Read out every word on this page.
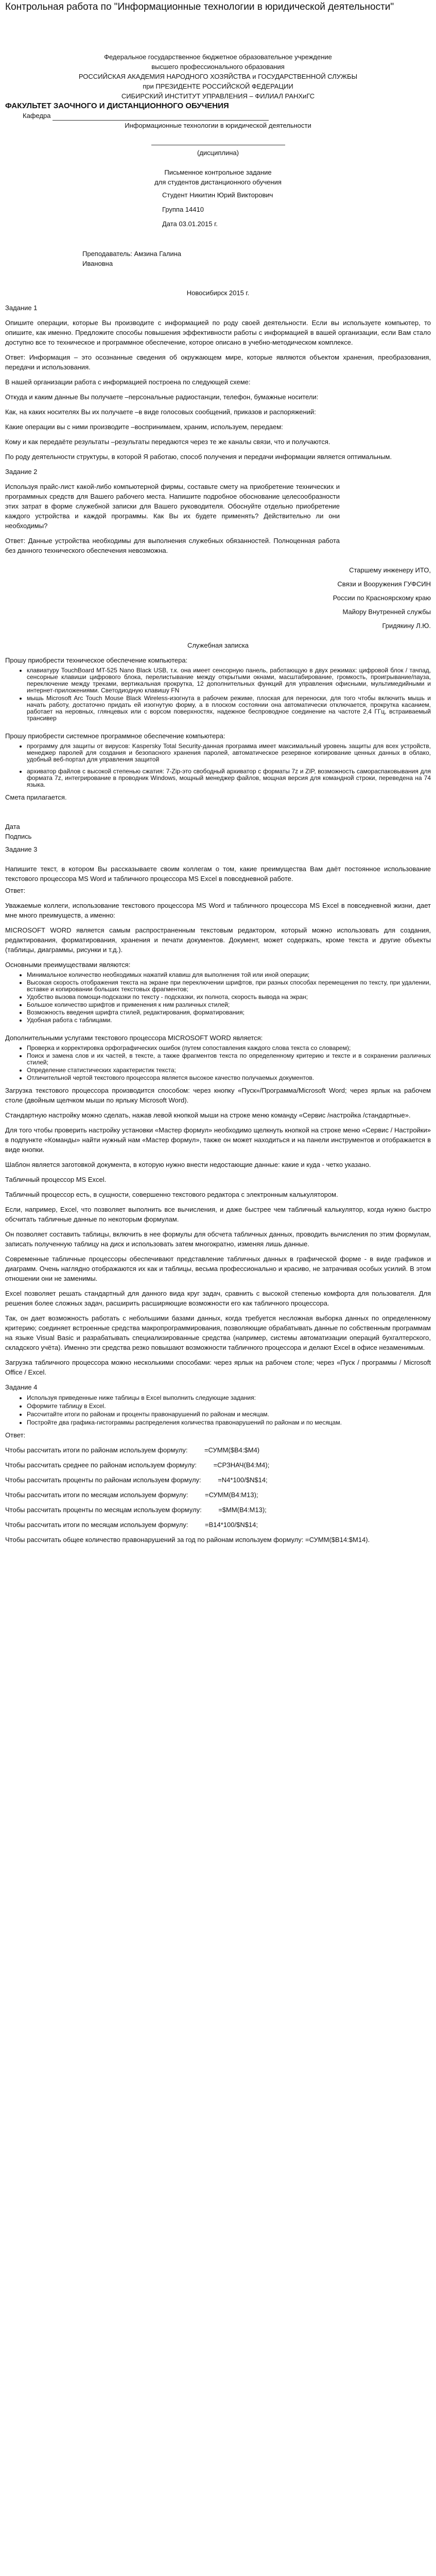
Контрольная работа по "Информационные технологии в юридической деятельности"

Федеральное государственное бюджетное образовательное учреждение

высшего профессионального образования

РОССИЙСКАЯ АКАДЕМИЯ НАРОДНОГО ХОЗЯЙСТВА и ГОСУДАРСТВЕННОЙ СЛУЖБЫ

при ПРЕЗИДЕНТЕ РОССИЙСКОЙ ФЕДЕРАЦИИ

СИБИРСКИЙ ИНСТИТУТ УПРАВЛЕНИЯ – ФИЛИАЛ РАНХиГС

ФАКУЛЬТЕТ ЗАОЧНОГО И ДИСТАНЦИОННОГО ОБУЧЕНИЯ

Кафедра

Информационные технологии в юридической деятельности

(дисциплина)

Письменное контрольное задание

для студентов дистанционного обучения

Студент Никитин Юрий Викторович

Группа 14410

Дата 03.01.2015 г.

Преподаватель: Амзина Галина

Ивановна

Новосибирск 2015 г.

Задание 1

Опишите операции, которые Вы производите с информацией по роду своей деятельности. Если вы используете компьютер, то опишите, как именно. Предложите способы повышения эффективности работы с информацией в вашей организации, если Вам стало доступно все то техническое и программное обеспечение, которое описано в учебно-методическом комплексе.

Ответ: Информация – это осознанные сведения об окружающем мире, которые являются объектом хранения, преобразования, передачи и использования.

В нашей организации работа с информацией построена по следующей схеме:

Откуда и каким данные Вы получаете –персональные радиостанции, телефон, бумажные носители:

Как, на каких носителях Вы их получаете –в виде голосовых сообщений, приказов и распоряжений:

Какие операции вы с ними производите –воспринимаем, храним, используем, передаем:

Кому и как передаёте результаты –результаты передаются через те же каналы связи, что и получаются.

По роду деятельности структуры, в которой Я работаю, способ получения и передачи информации является оптимальным.

Задание 2

Используя прайс-лист какой-либо компьютерной фирмы, составьте смету на приобретение технических и программных средств для Вашего рабочего места. Напишите подробное обоснование целесообразности этих затрат в форме служебной записки для Вашего руководителя. Обоснуйте отдельно приобретение каждого устройства и каждой программы. Как Вы их будете применять? Действительно ли они необходимы?

Ответ: Данные устройства необходимы для выполнения служебных обязанностей. Полноценная работа без данного технического обеспечения невозможна.

Старшему инженеру ИТО,

Связи и Вооружения ГУФСИН

России по Красноярскому краю

Майору Внутренней службы

Гридякину Л.Ю.

Служебная записка

Прошу приобрести техническое обеспечение компьютера:

• клавиатуру TouchBoard MT-525 Nano Black USB, т.к. она имеет сенсорную панель, работающую в двух режимах: цифровой блок / тачпад, сенсорные клавиши цифрового блока, перелистывание между открытыми окнами, масштабирование, громкость, проигрывание/пауза, переключение между треками, вертикальная прокрутка, 12 дополнительных функций для управления офисными, мультимедийными и интернет-приложениями. Светодиодную клавишу FN
• мышь Microsoft Arc Touch Mouse Black Wireless-изогнута в рабочем режиме, плоская для переноски, для того чтобы включить мышь и начать работу, достаточно придать ей изогнутую форму, а в плоском состоянии она автоматически отключается, прокрутка касанием, работает на неровных, глянцевых или с ворсом поверхностях, надежное беспроводное соединение на частоте 2,4 ГГц, встраиваемый трансивер

Прошу приобрести системное программное обеспечение компьютера:

• программу для защиты от вирусов: Kaspersky Total Security-данная программа имеет максимальный уровень защиты для всех устройств, менеджер паролей для создания и безопасного хранения паролей, автоматическое резервное копирование ценных данных в облако, удобный веб-портал для управления защитой
• архиватор файлов с высокой степенью сжатия: 7-Zip-это свободный архиватор с форматы 7z и ZIP, возможность самораспаковывания для формата 7z, интегрирование в проводник Windows, мощный менеджер файлов, мощная версия для командной строки, переведена на 74 языка.

Смета прилагается.

Дата

Подпись

Задание 3

Напишите текст, в котором Вы рассказываете своим коллегам о том, какие преимущества Вам даёт постоянное использование текстового процессора MS Word и табличного процессора MS Excel в повседневной работе.

Ответ:

Уважаемые коллеги, использование текстового процессора MS Word и табличного процессора MS Excel в повседневной жизни, дает мне много преимуществ, а именно:

MICROSOFT WORD является самым распространенным текстовым редактором, который можно использовать для создания, редактирования, форматирования, хранения и печати документов. Документ, может содержать, кроме текста и другие объекты (таблицы, диаграммы, рисунки и т.д.).

Основными преимуществами являются:

• Минимальное количество необходимых нажатий клавиш для выполнения той или иной операции;
• Высокая скорость отображения текста на экране при переключении шрифтов, при разных способах перемещения по тексту, при удалении, вставке и копировании больших текстовых фрагментов;
• Удобство вызова помощи-подсказки по тексту - подсказки, их полнота, скорость вывода на экран;
• Большое количество шрифтов и применения к ним различных стилей;
• Возможность введения шрифта стилей, редактирования, форматирования;
• Удобная работа с таблицами.

Дополнительными услугами текстового процессора MICROSOFT WORD является:

• Проверка и корректировка орфографических ошибок (путем сопоставления каждого слова текста со словарем);
• Поиск и замена слов и их частей, в тексте, а также фрагментов текста по определенному критерию и тексте и в сохранении различных стилей;
• Определение статистических характеристик текста;
• Отличительной чертой текстового процессора является высокое качество получаемых документов.

Загрузка текстового процессора производится способом: через кнопку «Пуск»/Программа/Microsoft Word; через ярлык на рабочем столе (двойным щелчком мыши по ярлыку Microsoft Word).

Стандартную настройку можно сделать, нажав левой кнопкой мыши на строке меню команду «Сервис /настройка /стандартные».

Для того чтобы проверить настройку установки «Мастер формул» необходимо щелкнуть кнопкой на строке меню «Сервис / Настройки» в подпункте «Команды» найти нужный нам «Мастер формул», также он может находиться и на панели инструментов и отображается в виде кнопки.

Шаблон является заготовкой документа, в которую нужно внести недостающие данные: какие и куда - четко указано.

Табличный процессор MS Excel.

Табличный процессор есть, в сущности, совершенно текстового редактора с электронным калькулятором.

Если, например, Excel, что позволяет выполнить все вычисления, и даже быстрее чем табличный калькулятор, когда нужно быстро обсчитать табличные данные по некоторым формулам.

Он позволяет составить таблицы, включить в нее формулы для обсчета табличных данных, проводить вычисления по этим формулам, записать полученную таблицу на диск и использовать затем многократно, изменяя лишь данные.

Современные табличные процессоры обеспечивают представление табличных данных в графической форме - в виде графиков и диаграмм. Очень наглядно отображаются их как и таблицы, весьма профессионально и красиво, не затрачивая особых усилий. В этом отношении они не заменимы.

Excel позволяет решать стандартный для данного вида круг задач, сравнить с высокой степенью комфорта для пользователя. Для решения более сложных задач, расширить расширяющие возможности его как табличного процессора.

Так, он дает возможность работать с небольшими базами данных, когда требуется несложная выборка данных по определенному критерию; соединяет встроенные средства макропрограммирования, позволяющие обрабатывать данные по собственным программам на языке Visual Basic и разрабатывать специализированные средства (например, системы автоматизации операций бухгалтерского, складского учёта). Именно эти средства резко повышают возможности табличного процессора и делают Excel в офисе незаменимым.

Загрузка табличного процессора можно несколькими способами: через ярлык на рабочем столе; через «Пуск / программы / Microsoft Office / Excel.

Задание 4

• Используя приведенные ниже таблицы в Excel выполнить следующие задания:
• Оформите таблицу в Excel.
• Рассчитайте итоги по районам и проценты правонарушений по районам и месяцам.
• Постройте два графика-гистограммы распределения количества правонарушений по районам и по месяцам.

Ответ:

Чтобы рассчитать итоги по районам используем формулу:	=СУММ($B4:$M4)

Чтобы рассчитать среднее по районам используем формулу:	=СРЗНАЧ(B4:M4);

Чтобы рассчитать проценты по районам используем формулу:	=N4*100/$N$14;

Чтобы рассчитать итоги по месяцам используем формулу:	=СУММ(B4:M13);

Чтобы рассчитать проценты по месяцам используем формулу:	=$MM(B4:M13);

Чтобы рассчитать итоги по месяцам используем формулу:	=B14*100/$N$14;

Чтобы рассчитать общее количество правонарушений за год по районам используем формулу: =СУММ($B14:$M14).
